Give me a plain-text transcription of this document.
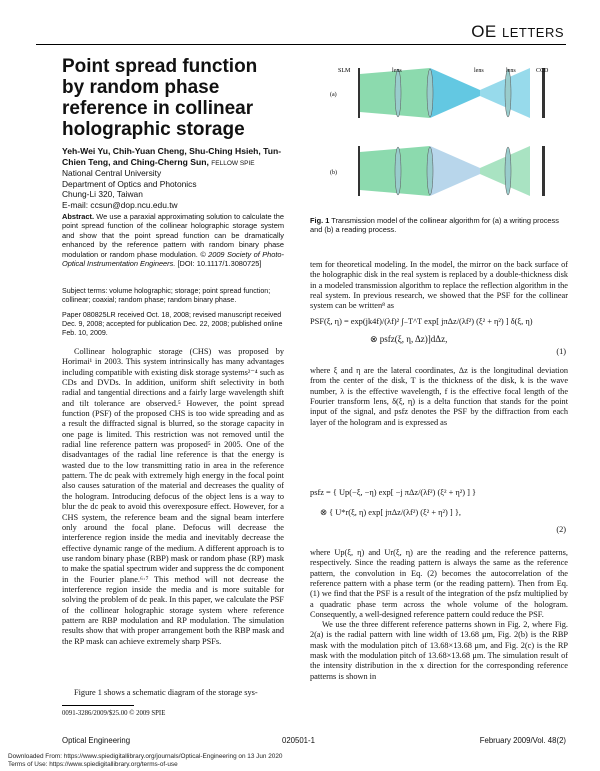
OE LETTERS
Point spread function by random phase reference in collinear holographic storage
Yeh-Wei Yu, Chih-Yuan Cheng, Shu-Ching Hsieh, Tun-Chien Teng, and Ching-Cherng Sun, FELLOW SPIE
National Central University
Department of Optics and Photonics
Chung-Li 320, Taiwan
E-mail: ccsun@dop.ncu.edu.tw
Abstract. We use a paraxial approximating solution to calculate the point spread function of the collinear holographic storage system and show that the point spread function can be dramatically enhanced by the reference pattern with random binary phase modulation or random phase modulation. © 2009 Society of Photo-Optical Instrumentation Engineers. [DOI: 10.1117/1.3080725]
Subject terms: volume holographic; storage; point spread function; collinear; coaxial; random phase; random binary phase.
Paper 080825LR received Oct. 18, 2008; revised manuscript received Dec. 9, 2008; accepted for publication Dec. 22, 2008; published online Feb. 10, 2009.
Collinear holographic storage (CHS) was proposed by Horimai¹ in 2003. This system intrinsically has many advantages including compatible with existing disk storage systems²⁻⁴ such as CDs and DVDs. In addition, uniform shift selectivity in both radial and tangential directions and a fairly large wavelength shift and tilt tolerance are observed.⁵ However, the point spread function (PSF) of the proposed CHS is too wide spreading and as a result the diffracted signal is blurred, so the storage capacity in one page is limited. This restriction was not removed until the radial line reference pattern was proposed⁵ in 2005. One of the disadvantages of the radial line reference is that the energy is wasted due to the low transmitting ratio in area in the reference pattern. The dc peak with extremely high energy in the focal point also causes saturation of the material and decreases the quality of the hologram. Introducing defocus of the object lens is a way to blur the dc peak to avoid this overexposure effect. However, for a CHS system, the reference beam and the signal beam interfere only around the focal plane. Defocus will decrease the interference region inside the media and inevitably decrease the effective dynamic range of the medium. A different approach is to use random binary phase (RBP) mask or random phase (RP) mask to make the spatial spectrum wider and suppress the dc component in the Fourier plane.⁶·⁷ This method will not decrease the interference region inside the media and is more suitable for solving the problem of dc peak. In this paper, we calculate the PSF of the collinear holographic storage system where reference pattern are RBP modulation and RP modulation. The simulation results show that with proper arrangement both the RBP mask and the RP mask can achieve extremely sharp PSFs.
Figure 1 shows a schematic diagram of the storage sys-
0091-3286/2009/$25.00 © 2009 SPIE
SLM	lens	lens	lens	CCD
(a)
(b)
Fig. 1 Transmission model of the collinear algorithm for (a) a writing process and (b) a reading process.
tem for theoretical modeling. In the model, the mirror on the back surface of the holographic disk in the real system is replaced by a double-thickness disk in a modeled transmission algorithm to replace the reflection algorithm in the real system. In previous research, we showed that the PSF for the collinear system can be written⁸ as
PSF(ξ, η) = exp(jk4f)/(λf)² ∫₋T^T exp[ jπΔz/(λf²) (ξ² + η²) ] δ(ξ, η)
⊗ psfz(ξ, η, Δz)]dΔz,
(1)
where ξ and η are the lateral coordinates, Δz is the longitudinal deviation from the center of the disk, T is the thickness of the disk, k is the wave number, λ is the effective wavelength, f is the effective focal length of the Fourier transform lens, δ(ξ, η) is a delta function that stands for the point input of the signal, and psfz denotes the PSF by the diffraction from each layer of the hologram and is expressed as
psfz = { Up(−ξ, −η) exp[ −j πΔz/(λf²) (ξ² + η²) ] }
⊗ { U*r(ξ, η) exp[ jπΔz/(λf²) (ξ² + η²) ] },
(2)
where Up(ξ, η) and Ur(ξ, η) are the reading and the reference patterns, respectively. Since the reading pattern is always the same as the reference pattern, the convolution in Eq. (2) becomes the autocorrelation of the reference pattern with a phase term (or the reading pattern). Then from Eq. (1) we find that the PSF is a result of the integration of the psfz multiplied by a quadratic phase term across the whole volume of the hologram. Consequently, a well-designed reference pattern could reduce the PSF.
We use the three different reference patterns shown in Fig. 2, where Fig. 2(a) is the radial pattern with line width of 13.68 μm, Fig. 2(b) is the RBP mask with the modulation pitch of 13.68×13.68 μm, and Fig. 2(c) is the RP mask with the modulation pitch of 13.68×13.68 μm. The simulation result of the intensity distribution in the x direction for the corresponding reference patterns is shown in
Optical Engineering	020501-1	February 2009/Vol. 48(2)
Downloaded From: https://www.spiedigitallibrary.org/journals/Optical-Engineering on 13 Jun 2020
Terms of Use: https://www.spiedigitallibrary.org/terms-of-use
